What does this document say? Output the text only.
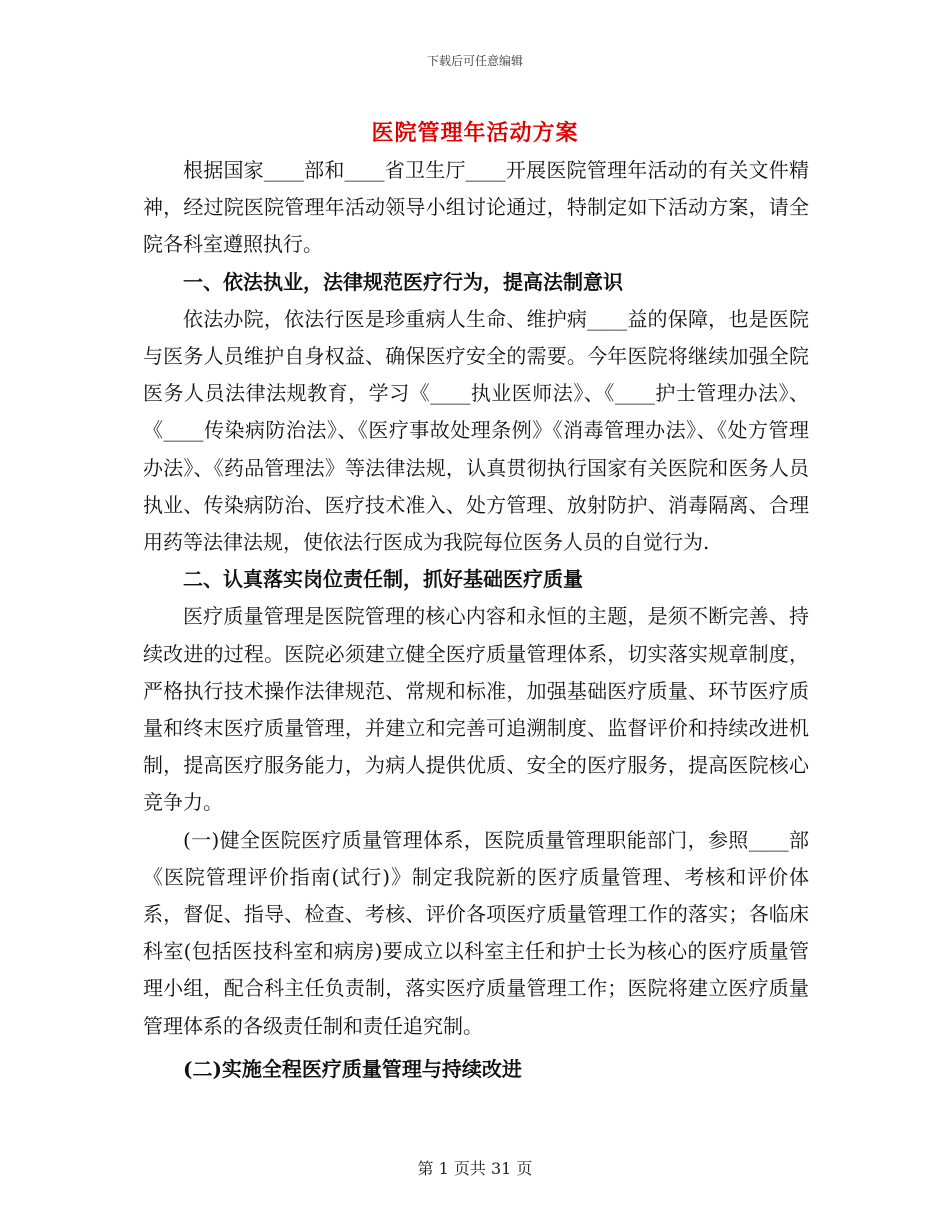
下载后可任意编辑
医院管理年活动方案

根据国家____部和____省卫生厅____开展医院管理年活动的有关文件精神，经过院医院管理年活动领导小组讨论通过，特制定如下活动方案，请全院各科室遵照执行。

一、依法执业，法律规范医疗行为，提高法制意识

依法办院，依法行医是珍重病人生命、维护病____益的保障，也是医院与医务人员维护自身权益、确保医疗安全的需要。今年医院将继续加强全院医务人员法律法规教育，学习《____执业医师法》、《____护士管理办法》、《____传染病防治法》、《医疗事故处理条例》《消毒管理办法》、《处方管理办法》、《药品管理法》等法律法规，认真贯彻执行国家有关医院和医务人员执业、传染病防治、医疗技术准入、处方管理、放射防护、消毒隔离、合理用药等法律法规，使依法行医成为我院每位医务人员的自觉行为.

二、认真落实岗位责任制，抓好基础医疗质量

医疗质量管理是医院管理的核心内容和永恒的主题，是须不断完善、持续改进的过程。医院必须建立健全医疗质量管理体系，切实落实规章制度，严格执行技术操作法律规范、常规和标准，加强基础医疗质量、环节医疗质量和终末医疗质量管理，并建立和完善可追溯制度、监督评价和持续改进机制，提高医疗服务能力，为病人提供优质、安全的医疗服务，提高医院核心竞争力。

(一)健全医院医疗质量管理体系，医院质量管理职能部门，参照____部《医院管理评价指南(试行)》制定我院新的医疗质量管理、考核和评价体系，督促、指导、检查、考核、评价各项医疗质量管理工作的落实；各临床科室(包括医技科室和病房)要成立以科室主任和护士长为核心的医疗质量管理小组，配合科主任负责制，落实医疗质量管理工作；医院将建立医疗质量管理体系的各级责任制和责任追究制。

(二)实施全程医疗质量管理与持续改进

第 1 页共 31 页
